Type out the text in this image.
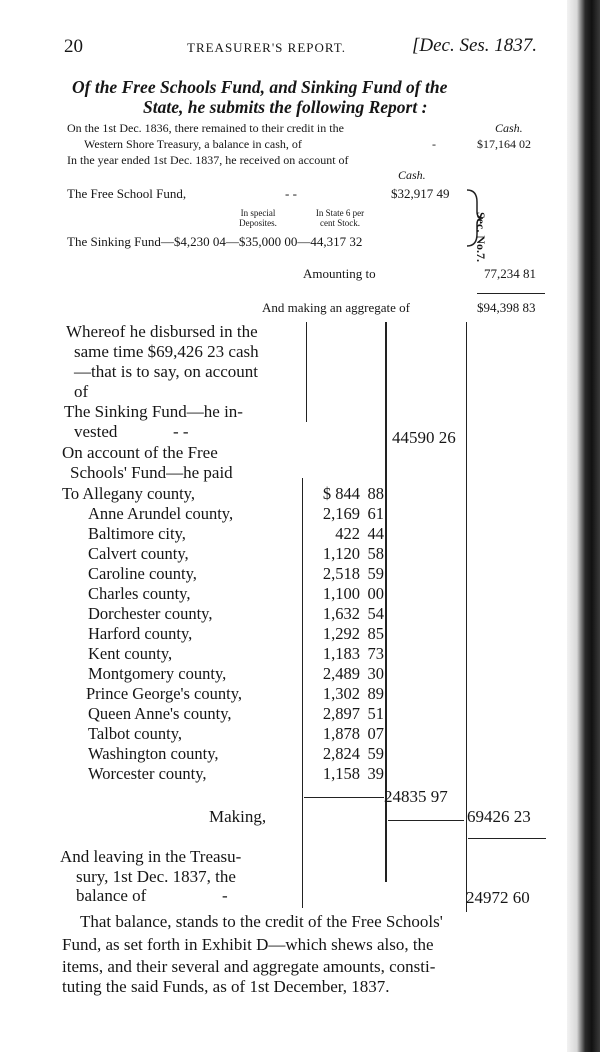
20	TREASURER'S REPORT.	[Dec. Ses. 1837.
Of the Free Schools Fund, and Sinking Fund of the
State, he submits the following Report :
On the 1st Dec. 1836, there remained to their credit in the	Cash.
Western Shore Treasury, a balance in cash, of	-	$17,164 02
In the year ended 1st Dec. 1837, he received on account of
Cash.
The Free School Fund,	- -	$32,917 49
In special
Deposites.
In State 6 per
cent Stock.
The Sinking Fund—$4,230 04—$35,000 00—44,317 32	Sec. No.7.
Amounting to	77,234 81
And making an aggregate of	$94,398 83
Whereof he disbursed in the
same time $69,426 23 cash
—that is to say, on account
of
The Sinking Fund—he in-
vested	- -	44590 26
On account of the Free
Schools' Fund—he paid
To Allegany county,	$ 844 88
Anne Arundel county,	2,169 61
Baltimore city,	422 44
Calvert county,	1,120 58
Caroline county,	2,518 59
Charles county,	1,100 00
Dorchester county,	1,632 54
Harford county,	1,292 85
Kent county,	1,183 73
Montgomery county,	2,489 30
Prince George's county,	1,302 89
Queen Anne's county,	2,897 51
Talbot county,	1,878 07
Washington county,	2,824 59
Worcester county,	1,158 39
24835 97
Making,	69426 23
And leaving in the Treasu-
sury, 1st Dec. 1837, the
balance of	-	24972 60
That balance, stands to the credit of the Free Schools'
Fund, as set forth in Exhibit D—which shews also, the
items, and their several and aggregate amounts, consti-
tuting the said Funds, as of 1st December, 1837.
